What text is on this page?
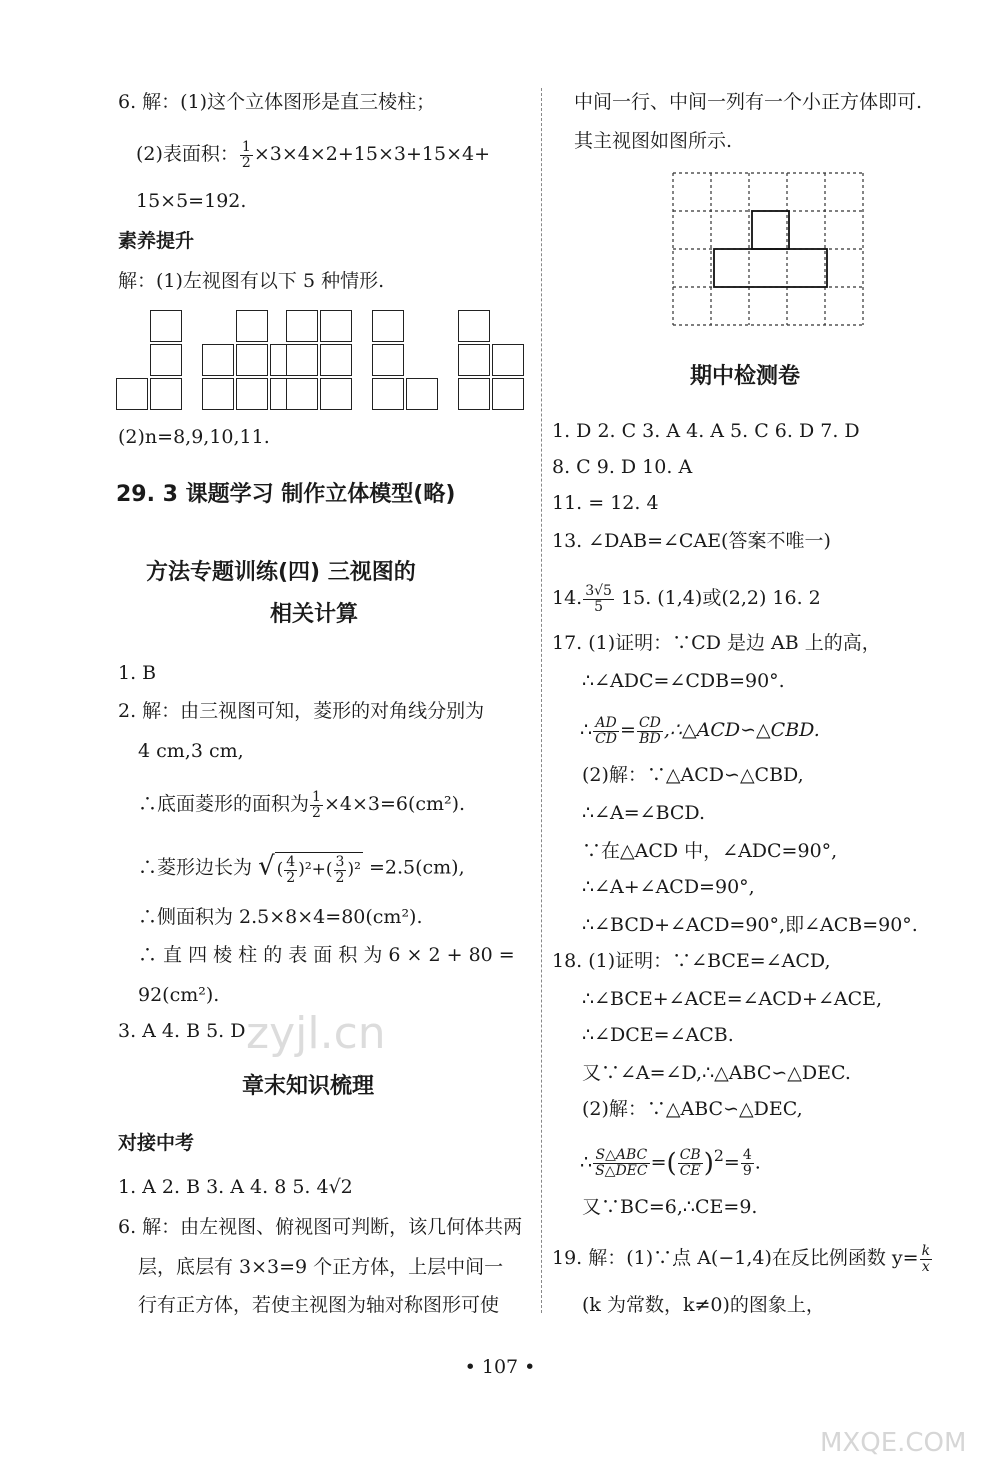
6. 解：(1)这个立体图形是直三棱柱；
(2)表面积： $\frac{1}{2} \times 3\times 4\times 2+15\times 3+15\times 4+$
15×5=192.
素养提升
解：(1)左视图有以下 5 种情形.
(2)n=8,9,10,11.
29. 3 课题学习 制作立体模型(略)
方法专题训练(四) 三视图的
相关计算
1. B
2. 解：由三视图可知，菱形的对角线分别为
4 cm,3 cm,
∴底面菱形的面积为 $\frac{1}{2} \times 4\times 3=6(cm^2)$.
∴菱形边长为 √ ( $\frac{4}{2} )^2+( \frac{3}{2} )^2 =2.5(cm)$,
∴侧面积为 2.5×8×4=80(cm²).
∴ 直 四 棱 柱 的 表 面 积 为 6 × 2 + 80 =
92(cm²).
3. A 4. B 5. D
章末知识梳理
对接中考
1. A 2. B 3. A 4. 8 5. 4√2
6. 解：由左视图、俯视图可判断，该几何体共两
层，底层有 3×3=9 个正方体，上层中间一
行有正方体，若使主视图为轴对称图形可使
中间一行、中间一列有一个小正方体即可.
其主视图如图所示.
期中检测卷
1. D 2. C 3. A 4. A 5. C 6. D 7. D
8. C 9. D 10. A
11. = 12. 4
13. ∠DAB=∠CAE(答案不唯一)
14. $\frac{3√5}{5} 15$. (1,4)或(2,2) 16. 2
17. (1)证明：∵CD 是边 AB 上的高，
∴∠ADC=∠CDB=90°.
∴ $\frac{AD}{CD} = \frac{CD}{BD}$ ,∴△ACD∽△CBD.
(2)解：∵△ACD∽△CBD,
∴∠A=∠BCD.
∵在△ACD 中，∠ADC=90°,
∴∠A+∠ACD=90°,
∴∠BCD+∠ACD=90°,即∠ACB=90°.
18. (1)证明：∵∠BCE=∠ACD,
∴∠BCE+∠ACE=∠ACD+∠ACE,
∴∠DCE=∠ACB.
又∵∠A=∠D,∴△ABC∽△DEC.
(2)解：∵△ABC∽△DEC,
∴ $\frac{\text{S△ABC}}{\text{S△DEC}}$ =( $\frac{CB}{CE} )^2= \frac{4}{9}$ .
又∵BC=6,∴CE=9.
19. 解：(1)∵点 A(−1,4)在反比例函数 $y= \frac{k}{x}$
(k 为常数，k≠0)的图象上，
• 107 •
zyjl.cn
MXQE.COM
